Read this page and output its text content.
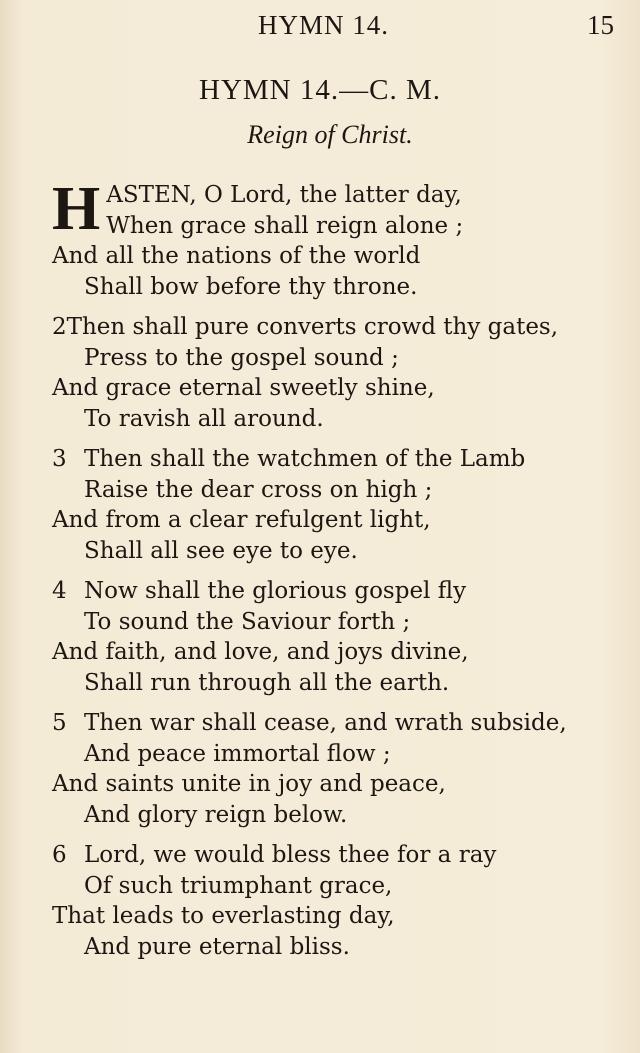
HYMN 14.	15
HYMN 14.—C. M.
Reign of Christ.
HASTEN, O Lord, the latter day,
When grace shall reign alone ;
And all the nations of the world
Shall bow before thy throne.
2Then shall pure converts crowd thy gates,
Press to the gospel sound ;
And grace eternal sweetly shine,
To ravish all around.
3 Then shall the watchmen of the Lamb
Raise the dear cross on high ;
And from a clear refulgent light,
Shall all see eye to eye.
4 Now shall the glorious gospel fly
To sound the Saviour forth ;
And faith, and love, and joys divine,
Shall run through all the earth.
5 Then war shall cease, and wrath subside,
And peace immortal flow ;
And saints unite in joy and peace,
And glory reign below.
6 Lord, we would bless thee for a ray
Of such triumphant grace,
That leads to everlasting day,
And pure eternal bliss.
